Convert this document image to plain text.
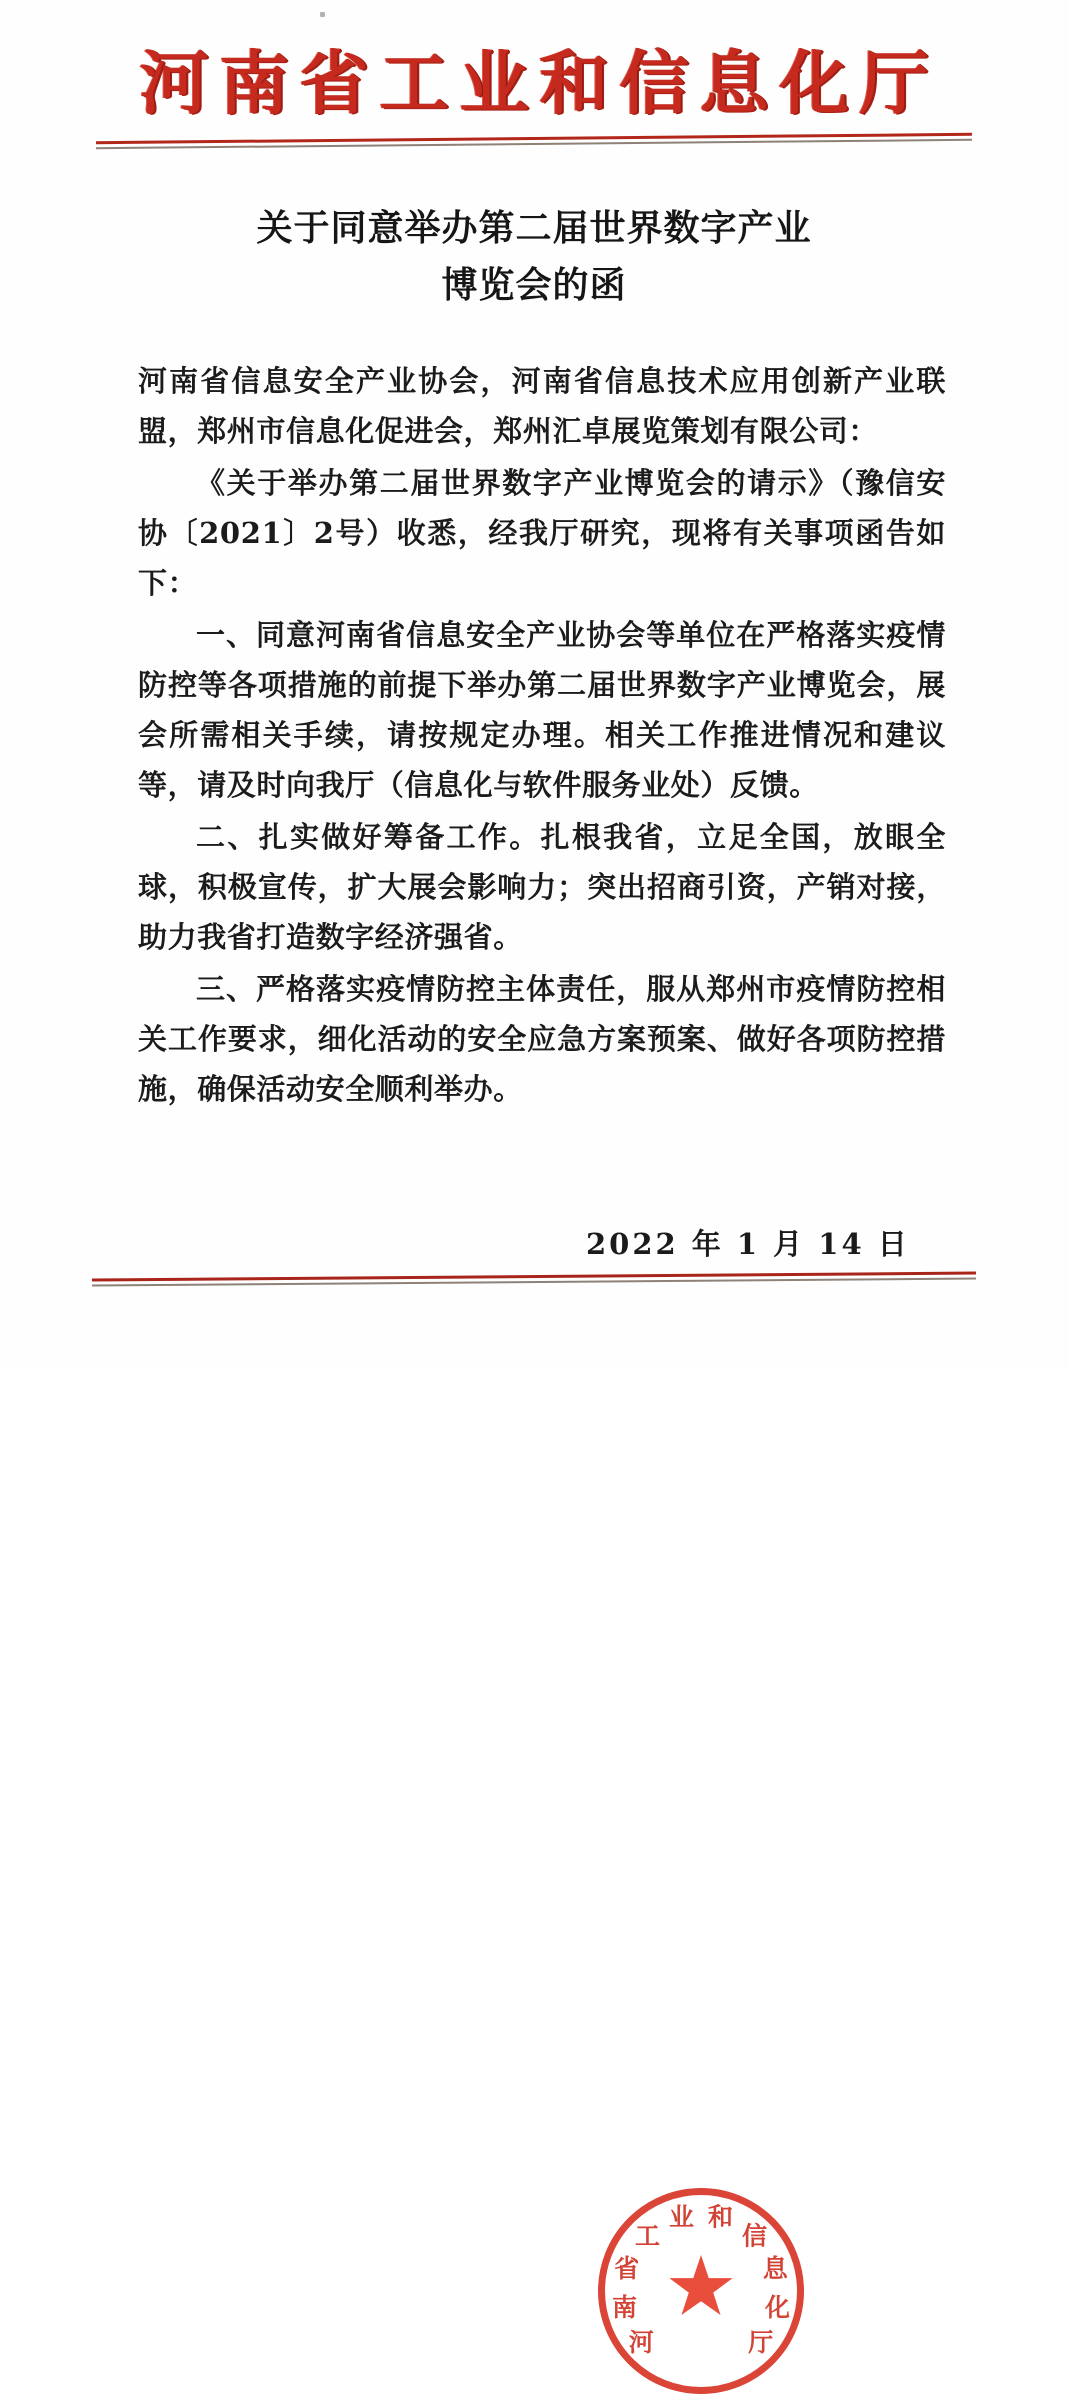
河南省工业和信息化厅
关于同意举办第二届世界数字产业
博览会的函

河南省信息安全产业协会，河南省信息技术应用创新产业联盟，郑州市信息化促进会，郑州汇卓展览策划有限公司：

《关于举办第二届世界数字产业博览会的请示》（豫信安协〔2021〕2号）收悉，经我厅研究，现将有关事项函告如下：

一、同意河南省信息安全产业协会等单位在严格落实疫情防控等各项措施的前提下举办第二届世界数字产业博览会，展会所需相关手续，请按规定办理。相关工作推进情况和建议等，请及时向我厅（信息化与软件服务业处）反馈。

二、扎实做好筹备工作。扎根我省，立足全国，放眼全球，积极宣传，扩大展会影响力；突出招商引资，产销对接，助力我省打造数字经济强省。

三、严格落实疫情防控主体责任，服从郑州市疫情防控相关工作要求，细化活动的安全应急方案预案、做好各项防控措施，确保活动安全顺利举办。

河
南
省
工
业 和
信
息
化
厅
2022 年 1 月 14 日
